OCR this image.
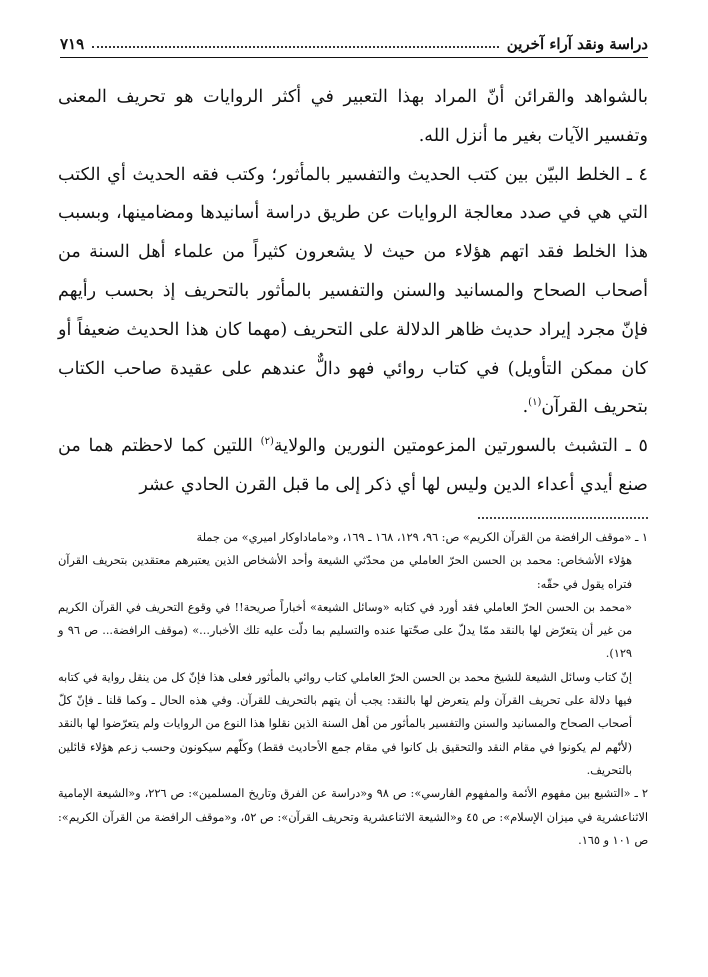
دراسة ونقد آراء آخرين
٧١٩

بالشواهد والقرائن أنّ المراد بهذا التعبير في أكثر الروايات هو تحريف المعنى وتفسير الآيات بغير ما أنزل الله.

٤ ـ الخلط البيّن بين كتب الحديث والتفسير بالمأثور؛ وكتب فقه الحديث أي الكتب التي هي في صدد معالجة الروايات عن طريق دراسة أسانيدها ومضامينها، وبسبب هذا الخلط فقد اتهم هؤلاء من حيث لا يشعرون كثيراً من علماء أهل السنة من أصحاب الصحاح والمسانيد والسنن والتفسير بالمأثور بالتحريف إذ بحسب رأيهم فإنّ مجرد إيراد حديث ظاهر الدلالة على التحريف (مهما كان هذا الحديث ضعيفاً أو كان ممكن التأويل) في كتاب روائي فهو دالٌّ عندهم على عقيدة صاحب الكتاب بتحريف القرآن$^{(١)}$.

٥ ـ التشبث بالسورتين المزعومتين النورين والولاية$^{(٢)}$ اللتين كما لاحظتم هما من صنع أيدي أعداء الدين وليس لها أي ذكر إلى ما قبل القرن الحادي عشر

١ ـ «موقف الرافضة من القرآن الكريم» ص: ٩٦، ١٢٩، ١٦٨ ـ ١٦٩، و«ماماداوكار اميري» من جملة

هؤلاء الأشخاص: محمد بن الحسن الحرّ العاملي من محدّثي الشيعة وأحد الأشخاص الذين يعتبرهم معتقدين بتحريف القرآن فتراه يقول في حقّه:

«محمد بن الحسن الحرّ العاملي فقد أورد في كتابه «وسائل الشيعة» أخباراً صريحة!! في وقوع التحريف في القرآن الكريم من غير أن يتعرّض لها بالنقد ممّا يدلّ على صحّتها عنده والتسليم بما دلّت عليه تلك الأخبار...» (موقف الرافضة... ص ٩٦ و ١٢٩).

إنّ كتاب وسائل الشيعة للشيخ محمد بن الحسن الحرّ العاملي كتاب روائي بالمأثور فعلى هذا فإنّ كل من ينقل رواية في كتابه فيها دلالة على تحريف القرآن ولم يتعرض لها بالنقد: يجب أن يتهم بالتحريف للقرآن. وفي هذه الحال ـ وكما قلنا ـ فإنّ كلّ أصحاب الصحاح والمسانيد والسنن والتفسير بالمأثور من أهل السنة الذين نقلوا هذا النوع من الروايات ولم يتعرّضوا لها بالنقد (لأنّهم لم يكونوا في مقام النقد والتحقيق بل كانوا في مقام جمع الأحاديث فقط) وكلّهم سيكونون وحسب زعم هؤلاء قائلين بالتحريف.

٢ ـ «التشيع بين مفهوم الأئمة والمفهوم الفارسي»: ص ٩٨ و«دراسة عن الفرق وتاريخ المسلمين»: ص ٢٢٦، و«الشيعة الإمامية الاثناعشرية في ميزان الإسلام»: ص ٤٥ و«الشيعة الاثناعشرية وتحريف القرآن»: ص ٥٢، و«موقف الرافضة من القرآن الكريم»: ص ١٠١ و ١٦٥.
